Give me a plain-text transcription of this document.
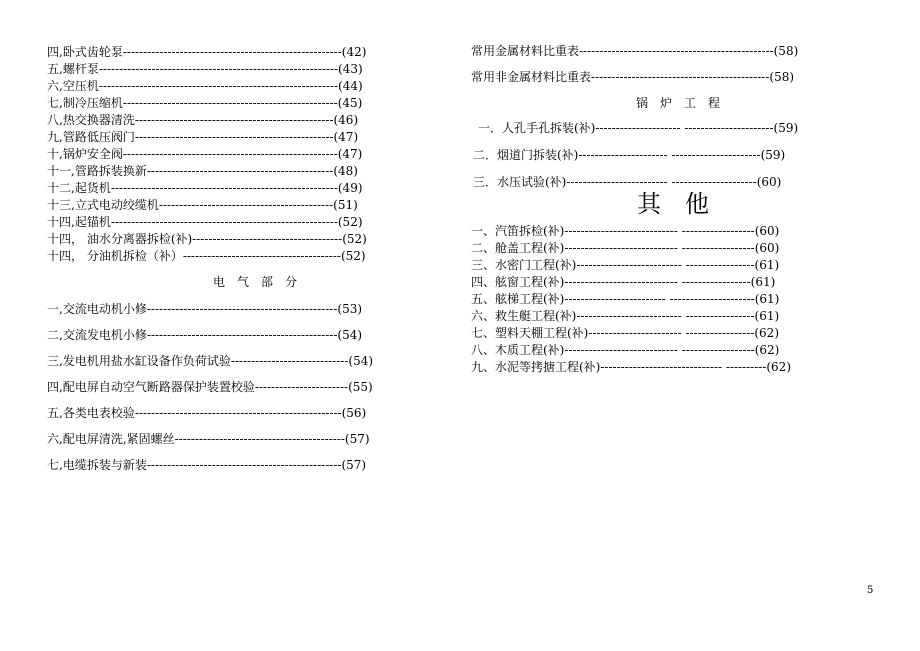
四,卧式齿轮泵------------------------------------------------------(42)
五,螺杆泵-----------------------------------------------------------(43)
六,空压机-----------------------------------------------------------(44)
七,制冷压缩机-----------------------------------------------------(45)
八,热交换器清洗-------------------------------------------------(46)
九,管路低压阀门-------------------------------------------------(47)
十,锅炉安全阀-----------------------------------------------------(47)
十一,管路拆装换新----------------------------------------------(48)
十二,起货机--------------------------------------------------------(49)
十三,立式电动绞缆机-------------------------------------------(51)
十四,起锚机--------------------------------------------------------(52)
十四， 油水分离器拆检(补)-------------------------------------(52)
十四， 分油机拆检（补）---------------------------------------(52)
电　气　部　分
一,交流电动机小修-----------------------------------------------(53)
二,交流发电机小修-----------------------------------------------(54)
三,发电机用盐水缸设备作负荷试验-----------------------------(54)
四,配电屏自动空气断路器保护装置校验-----------------------(55)
五,各类电表校验---------------------------------------------------(56)
六,配电屏清洗,紧固螺丝------------------------------------------(57)
七,电缆拆装与新装------------------------------------------------(57)
常用金属材料比重表------------------------------------------------(58)
常用非金属材料比重表--------------------------------------------(58)
锅　炉　工　程
一．人孔手孔拆装(补)--------------------- ----------------------(59)
二．烟道门拆装(补)---------------------- ----------------------(59)
三．水压试验(补)------------------------- ---------------------(60)
其　他
一、汽笛拆检(补)---------------------------- ------------------(60)
二、舱盖工程(补)---------------------------- ------------------(60)
三、水密门工程(补)-------------------------- -----------------(61)
四、舷窗工程(补)---------------------------- -----------------(61)
五、舷梯工程(补)------------------------- ---------------------(61)
六、救生艇工程(补)-------------------------- -----------------(61)
七、塑料天棚工程(补)----------------------- -----------------(62)
八、木质工程(补)---------------------------- ------------------(62)
九、水泥等拷搪工程(补)------------------------------ ----------(62)
5
